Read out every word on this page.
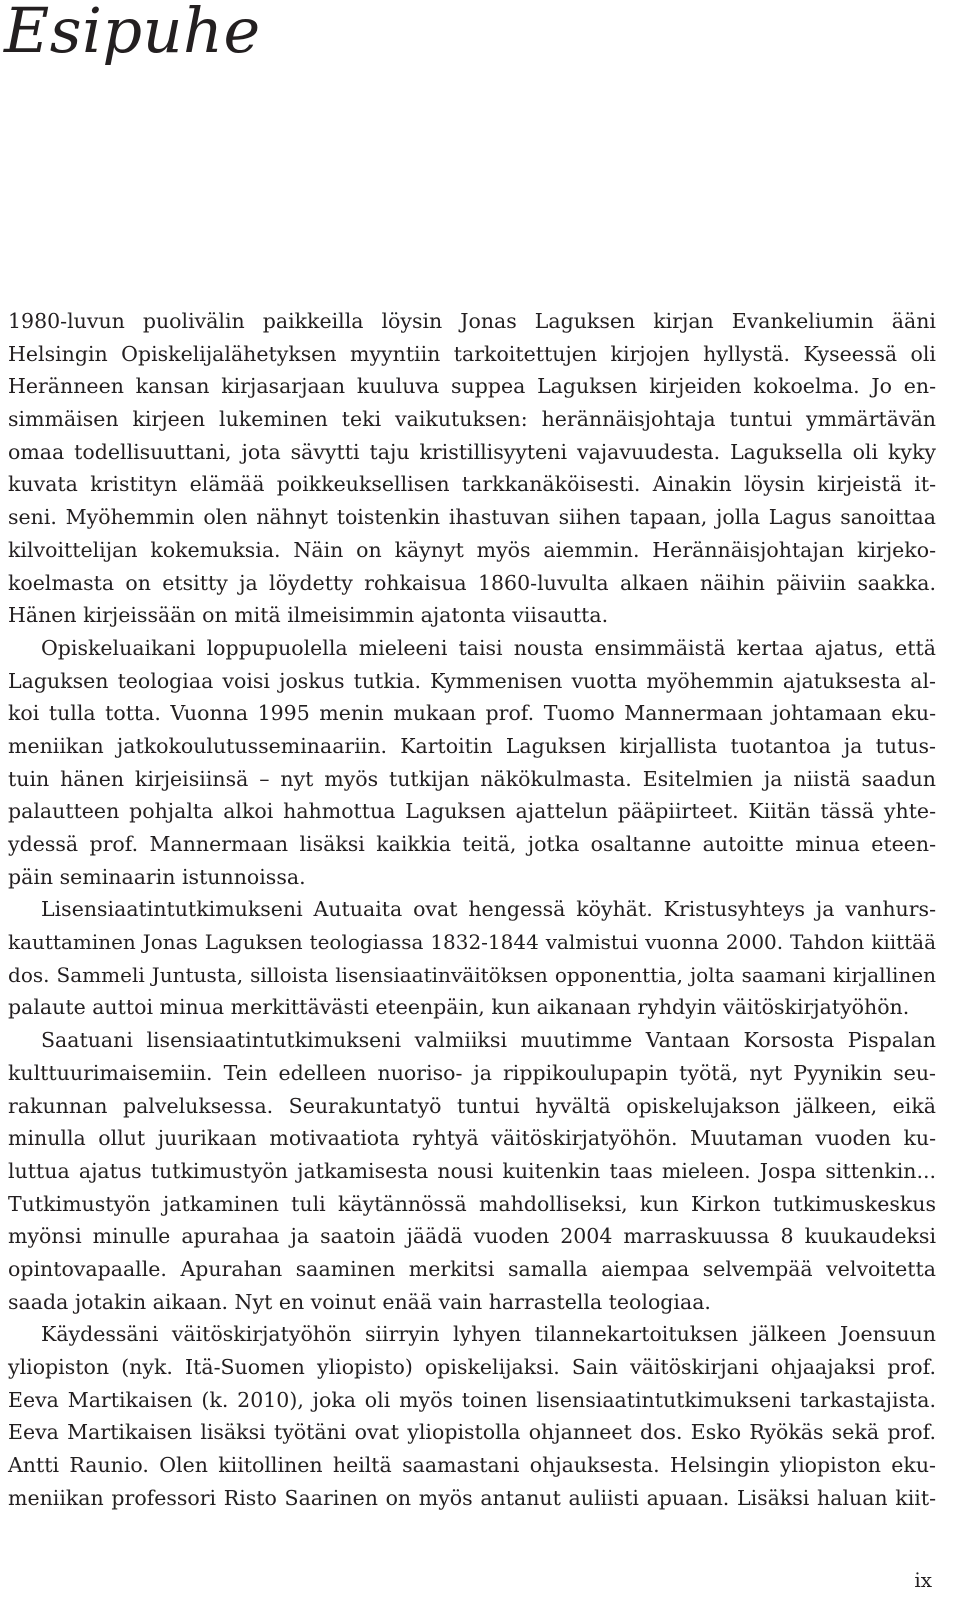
Esipuhe
1980-luvun puolivälin paikkeilla löysin Jonas Laguksen kirjan Evankeliumin ääni
Helsingin Opiskelijalähetyksen myyntiin tarkoitettujen kirjojen hyllystä. Kyseessä oli
Heränneen kansan kirjasarjaan kuuluva suppea Laguksen kirjeiden kokoelma. Jo en-
simmäisen kirjeen lukeminen teki vaikutuksen: herännäisjohtaja tuntui ymmärtävän
omaa todellisuuttani, jota sävytti taju kristillisyyteni vajavuudesta. Laguksella oli kyky
kuvata kristityn elämää poikkeuksellisen tarkkanäköisesti. Ainakin löysin kirjeistä it-
seni. Myöhemmin olen nähnyt toistenkin ihastuvan siihen tapaan, jolla Lagus sanoittaa
kilvoittelijan kokemuksia. Näin on käynyt myös aiemmin. Herännäisjohtajan kirjeko-
koelmasta on etsitty ja löydetty rohkaisua 1860-luvulta alkaen näihin päiviin saakka.
Hänen kirjeissään on mitä ilmeisimmin ajatonta viisautta.
Opiskeluaikani loppupuolella mieleeni taisi nousta ensimmäistä kertaa ajatus, että
Laguksen teologiaa voisi joskus tutkia. Kymmenisen vuotta myöhemmin ajatuksesta al-
koi tulla totta. Vuonna 1995 menin mukaan prof. Tuomo Mannermaan johtamaan eku-
meniikan jatkokoulutusseminaariin. Kartoitin Laguksen kirjallista tuotantoa ja tutus-
tuin hänen kirjeisiinsä – nyt myös tutkijan näkökulmasta. Esitelmien ja niistä saadun
palautteen pohjalta alkoi hahmottua Laguksen ajattelun pääpiirteet. Kiitän tässä yhte-
ydessä prof. Mannermaan lisäksi kaikkia teitä, jotka osaltanne autoitte minua eteen-
päin seminaarin istunnoissa.
Lisensiaatintutkimukseni Autuaita ovat hengessä köyhät. Kristusyhteys ja vanhurs-
kauttaminen Jonas Laguksen teologiassa 1832-1844 valmistui vuonna 2000. Tahdon kiittää
dos. Sammeli Juntusta, silloista lisensiaatinväitöksen opponenttia, jolta saamani kirjallinen
palaute auttoi minua merkittävästi eteenpäin, kun aikanaan ryhdyin väitöskirjatyöhön.
Saatuani lisensiaatintutkimukseni valmiiksi muutimme Vantaan Korsosta Pispalan
kulttuurimaisemiin. Tein edelleen nuoriso- ja rippikoulupapin työtä, nyt Pyynikin seu-
rakunnan palveluksessa. Seurakuntatyö tuntui hyvältä opiskelujakson jälkeen, eikä
minulla ollut juurikaan motivaatiota ryhtyä väitöskirjatyöhön. Muutaman vuoden ku-
luttua ajatus tutkimustyön jatkamisesta nousi kuitenkin taas mieleen. Jospa sittenkin...
Tutkimustyön jatkaminen tuli käytännössä mahdolliseksi, kun Kirkon tutkimuskeskus
myönsi minulle apurahaa ja saatoin jäädä vuoden 2004 marraskuussa 8 kuukaudeksi
opintovapaalle. Apurahan saaminen merkitsi samalla aiempaa selvempää velvoitetta
saada jotakin aikaan. Nyt en voinut enää vain harrastella teologiaa.
Käydessäni väitöskirjatyöhön siirryin lyhyen tilannekartoituksen jälkeen Joensuun
yliopiston (nyk. Itä-Suomen yliopisto) opiskelijaksi. Sain väitöskirjani ohjaajaksi prof.
Eeva Martikaisen (k. 2010), joka oli myös toinen lisensiaatintutkimukseni tarkastajista.
Eeva Martikaisen lisäksi työtäni ovat yliopistolla ohjanneet dos. Esko Ryökäs sekä prof.
Antti Raunio. Olen kiitollinen heiltä saamastani ohjauksesta. Helsingin yliopiston eku-
meniikan professori Risto Saarinen on myös antanut auliisti apuaan. Lisäksi haluan kiit-
ix
